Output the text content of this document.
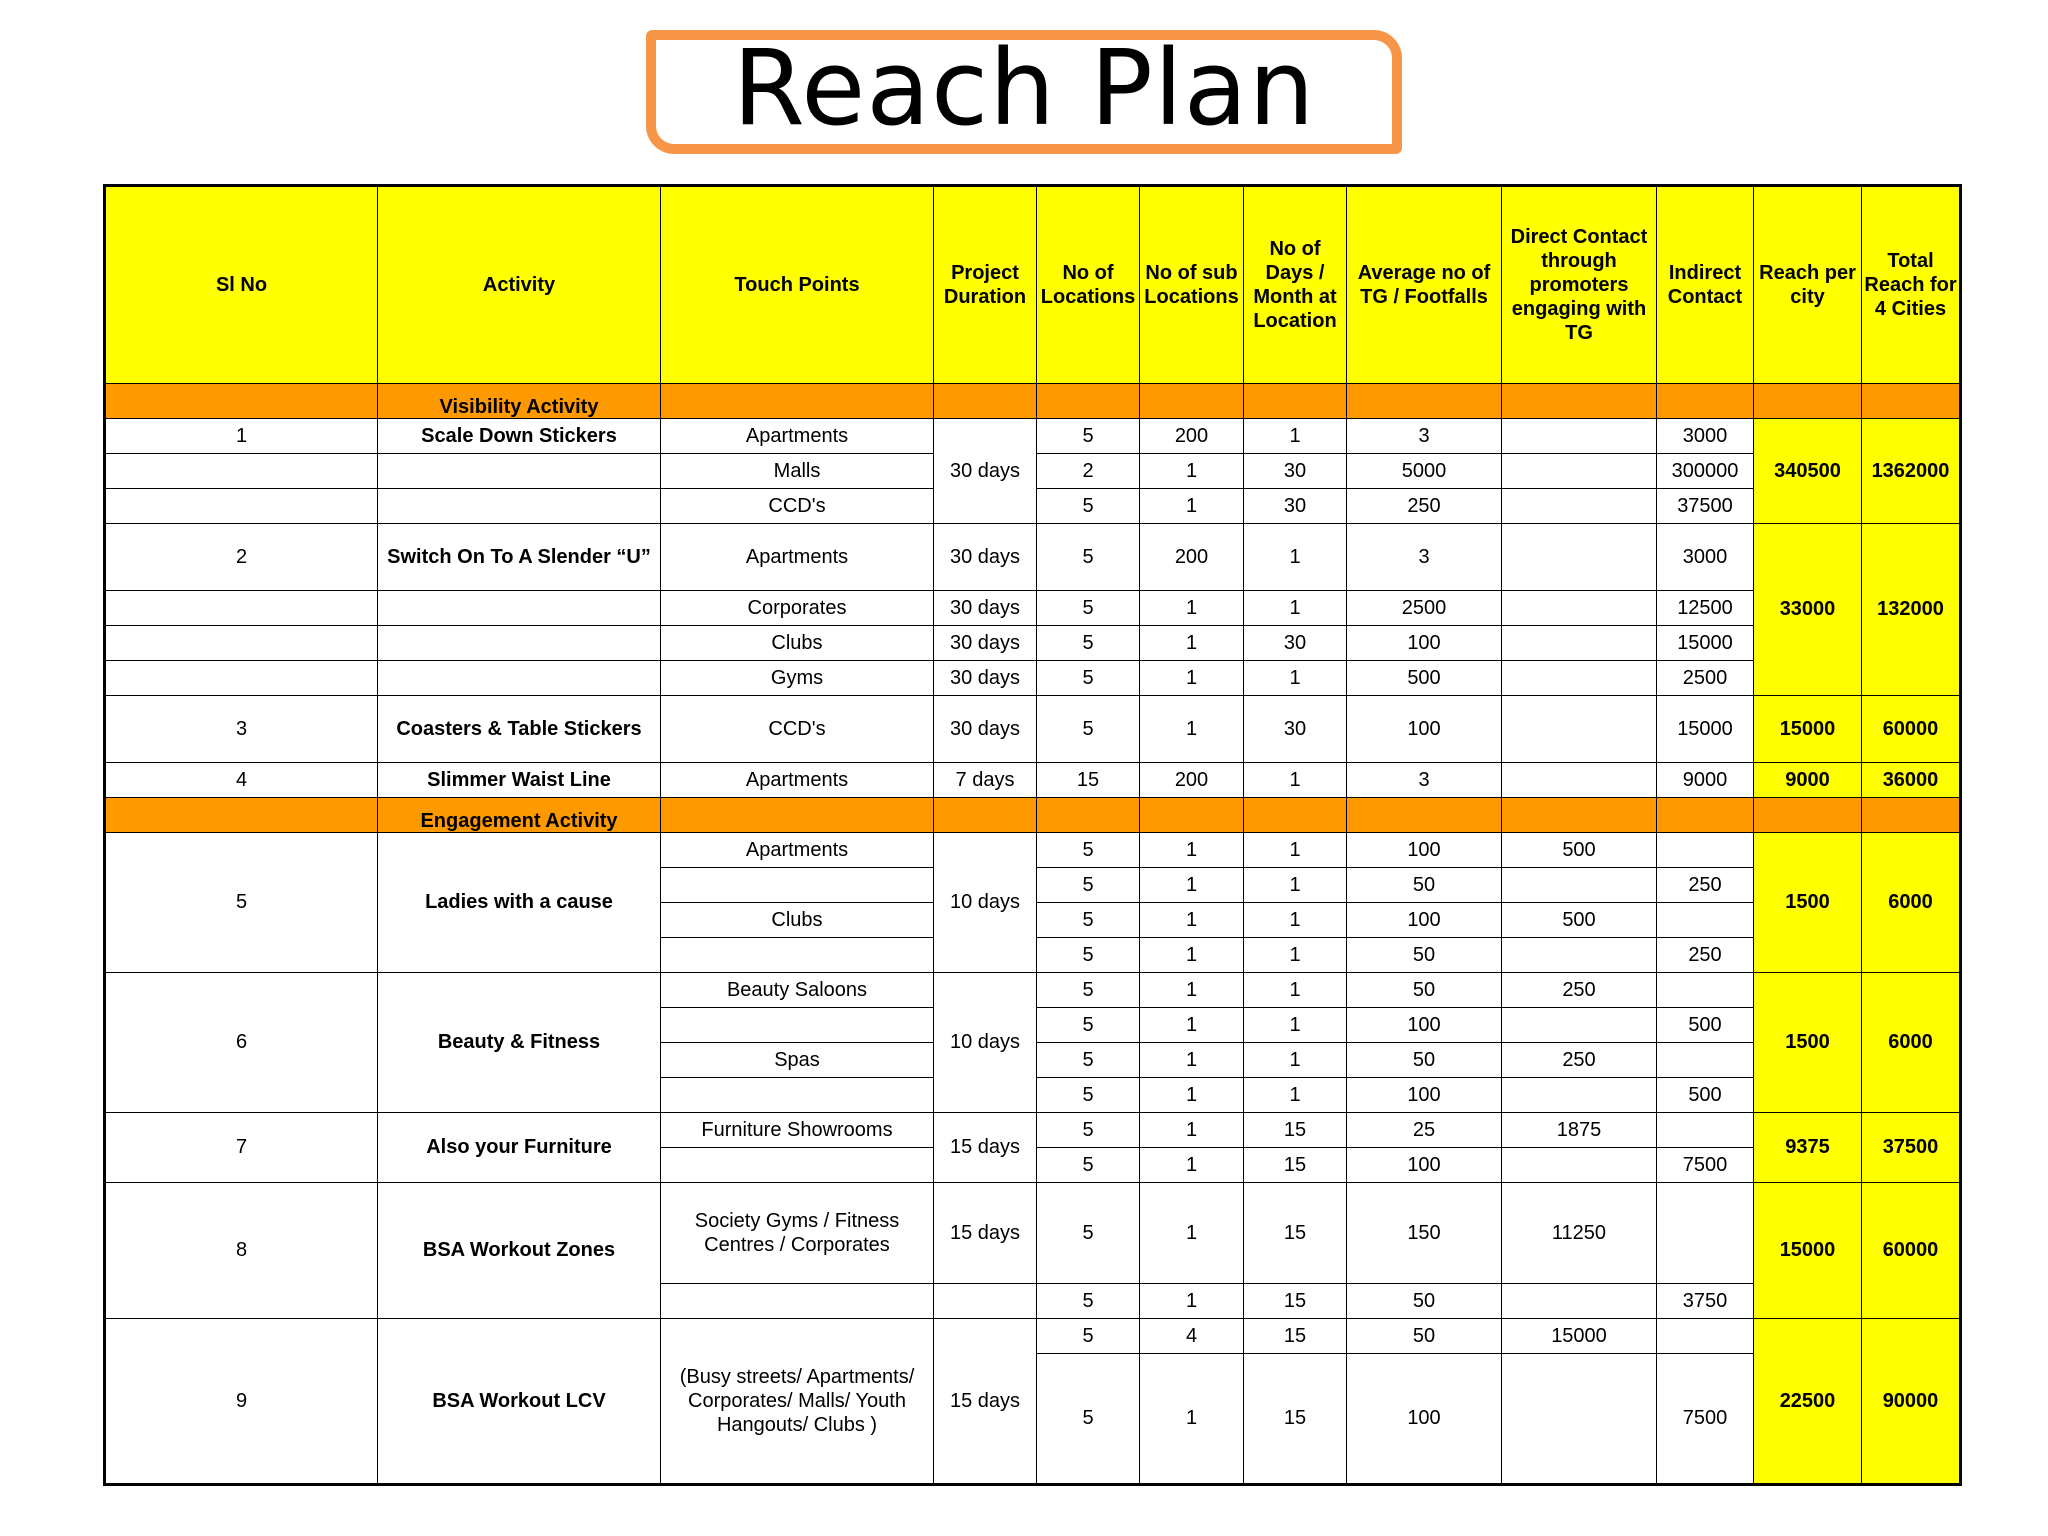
Reach Plan
Sl No	Activity	Touch Points	Project Duration	No of Locations	No of sub Locations	No of Days / Month at Location	Average no of TG / Footfalls	Direct Contact through promoters engaging with TG	Indirect Contact	Reach per city	Total Reach for 4 Cities
	Visibility Activity										
1	Scale Down Stickers	Apartments	30 days	5	200	1	3		3000	340500	1362000
		Malls		2	1	30	5000		300000		
		CCD's		5	1	30	250		37500		
2	Switch On To A Slender “U”	Apartments	30 days	5	200	1	3		3000	33000	132000
		Corporates	30 days	5	1	1	2500		12500		
		Clubs	30 days	5	1	30	100		15000		
		Gyms	30 days	5	1	1	500		2500		
3	Coasters & Table Stickers	CCD's	30 days	5	1	30	100		15000	15000	60000
4	Slimmer Waist Line	Apartments	7 days	15	200	1	3		9000	9000	36000
	Engagement Activity										
5	Ladies with a cause	Apartments	10 days	5	1	1	100	500		1500	6000
				5	1	1	50		250		
		Clubs		5	1	1	100	500			
				5	1	1	50		250		
6	Beauty & Fitness	Beauty Saloons	10 days	5	1	1	50	250		1500	6000
				5	1	1	100		500		
		Spas		5	1	1	50	250			
				5	1	1	100		500		
7	Also your Furniture	Furniture Showrooms	15 days	5	1	15	25	1875		9375	37500
				5	1	15	100		7500		
8	BSA Workout Zones	Society Gyms / Fitness Centres / Corporates	15 days	5	1	15	150	11250		15000	60000
				5	1	15	50		3750		
9	BSA Workout LCV	(Busy streets/ Apartments/ Corporates/ Malls/ Youth Hangouts/ Clubs )	15 days	5	4	15	50	15000		22500	90000
				5	1	15	100		7500		
